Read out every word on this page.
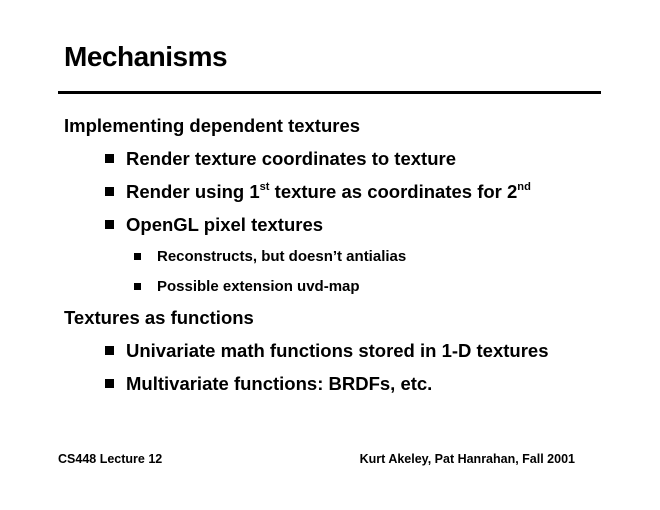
Mechanisms
Implementing dependent textures
Render texture coordinates to texture
Render using 1st texture as coordinates for 2nd
OpenGL pixel textures
Reconstructs, but doesn’t antialias
Possible extension uvd-map
Textures as functions
Univariate math functions stored in 1-D textures
Multivariate functions: BRDFs, etc.
CS448 Lecture 12	Kurt Akeley, Pat Hanrahan, Fall 2001
